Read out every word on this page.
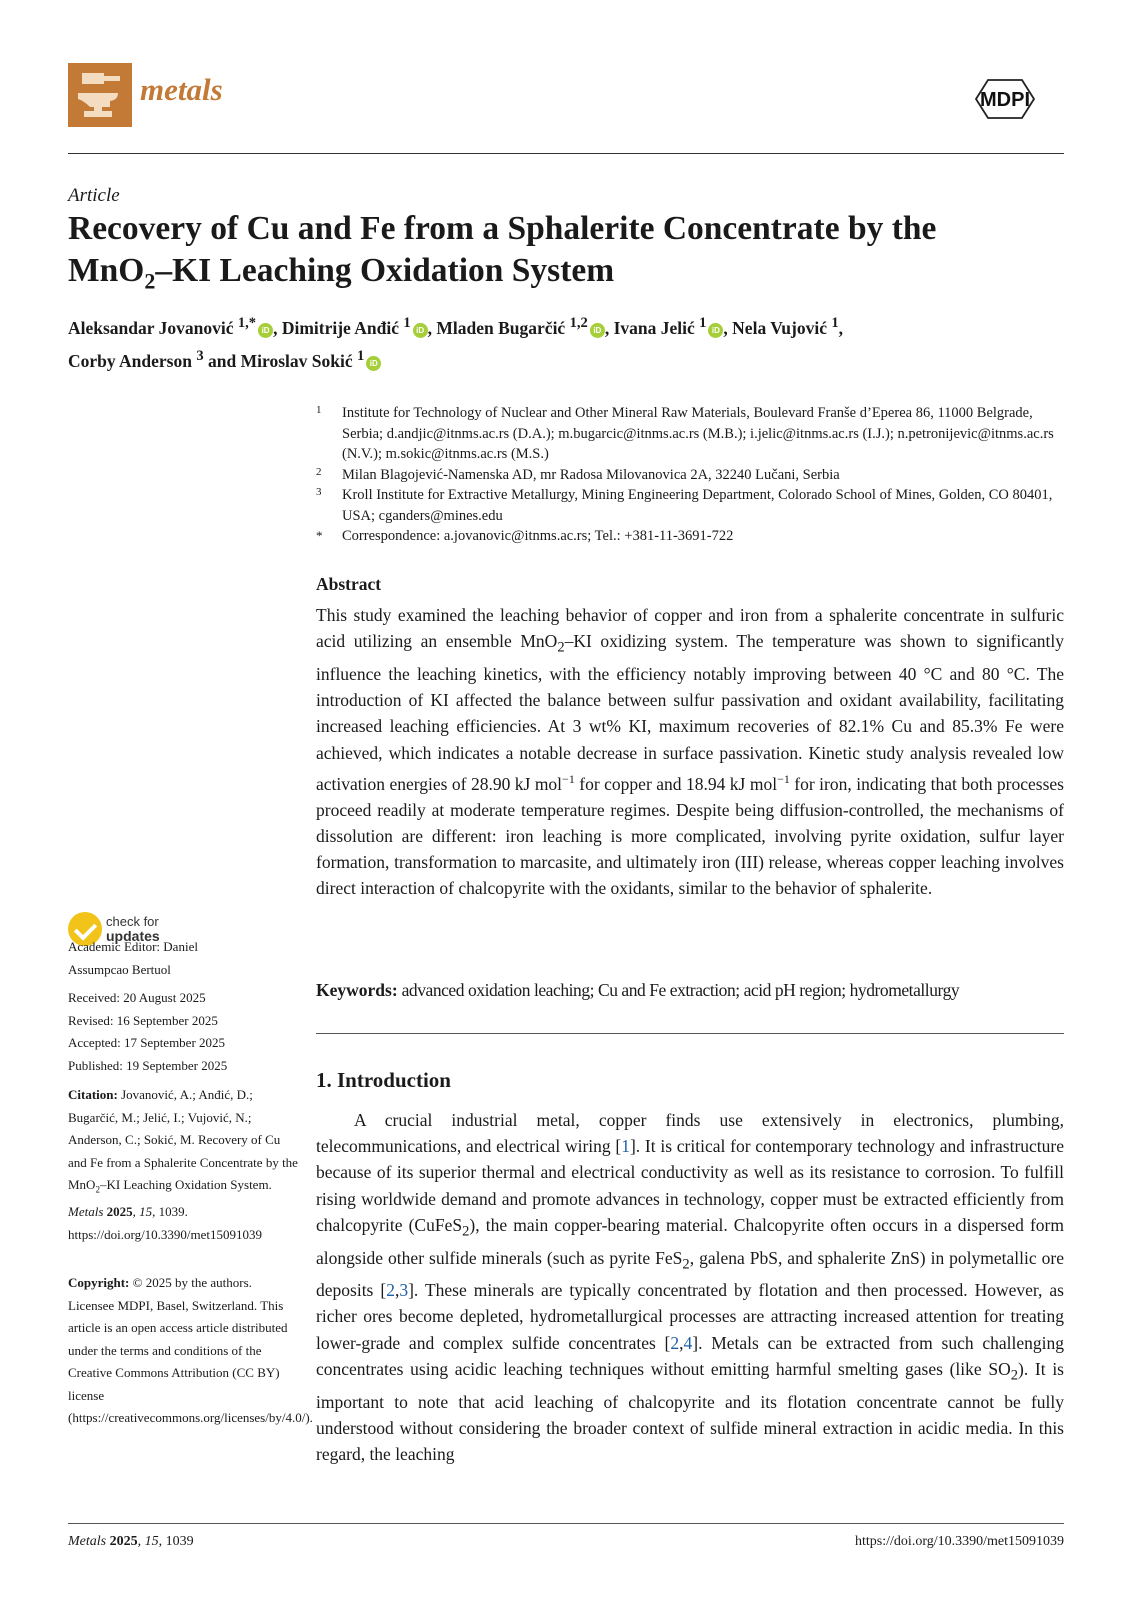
metals	MDPI
Article
Recovery of Cu and Fe from a Sphalerite Concentrate by the
MnO$_2$–KI Leaching Oxidation System
Aleksandar Jovanović $^{1,*}$ iD , Dimitrije Anđić $^1$ iD , Mladen Bugarčić $^{1,2}$ iD , Ivana Jelić $^1$ iD , Nela Vujović $^1$,
Corby Anderson $^3$ and Miroslav Sokić $^1$ iD
1 Institute for Technology of Nuclear and Other Mineral Raw Materials, Boulevard Franše d’Eperea 86, 11000 Belgrade, Serbia; d.andjic@itnms.ac.rs (D.A.); m.bugarcic@itnms.ac.rs (M.B.); i.jelic@itnms.ac.rs (I.J.); n.petronijevic@itnms.ac.rs (N.V.); m.sokic@itnms.ac.rs (M.S.)
2 Milan Blagojević-Namenska AD, mr Radosa Milovanovica 2A, 32240 Lučani, Serbia
3 Kroll Institute for Extractive Metallurgy, Mining Engineering Department, Colorado School of Mines, Golden, CO 80401, USA; cganders@mines.edu
* Correspondence: a.jovanovic@itnms.ac.rs; Tel.: +381-11-3691-722
Abstract

This study examined the leaching behavior of copper and iron from a sphalerite concentrate in sulfuric acid utilizing an ensemble MnO$_2$–KI oxidizing system. The temperature was shown to significantly influence the leaching kinetics, with the efficiency notably improving between 40 °C and 80 °C. The introduction of KI affected the balance between sulfur passivation and oxidant availability, facilitating increased leaching efficiencies. At 3 wt% KI, maximum recoveries of 82.1% Cu and 85.3% Fe were achieved, which indicates a notable decrease in surface passivation. Kinetic study analysis revealed low activation energies of 28.90 kJ mol$^{-1}$ for copper and 18.94 kJ mol$^{-1}$ for iron, indicating that both processes proceed readily at moderate temperature regimes. Despite being diffusion-controlled, the mechanisms of dissolution are different: iron leaching is more complicated, involving pyrite oxidation, sulfur layer formation, transformation to marcasite, and ultimately iron (III) release, whereas copper leaching involves direct interaction of chalcopyrite with the oxidants, similar to the behavior of sphalerite.

Keywords: advanced oxidation leaching; Cu and Fe extraction; acid pH region; hydrometallurgy
1. Introduction

A crucial industrial metal, copper finds use extensively in electronics, plumbing, telecommunications, and electrical wiring [1]. It is critical for contemporary technology and infrastructure because of its superior thermal and electrical conductivity as well as its resistance to corrosion. To fulfill rising worldwide demand and promote advances in technology, copper must be extracted efficiently from chalcopyrite (CuFeS$_2$), the main copper-bearing material. Chalcopyrite often occurs in a dispersed form alongside other sulfide minerals (such as pyrite FeS$_2$, galena PbS, and sphalerite ZnS) in polymetallic ore deposits [2,3]. These minerals are typically concentrated by flotation and then processed. However, as richer ores become depleted, hydrometallurgical processes are attracting increased attention for treating lower-grade and complex sulfide concentrates [2,4]. Metals can be extracted from such challenging concentrates using acidic leaching techniques without emitting harmful smelting gases (like $SO_2$). It is important to note that acid leaching of chalcopyrite and its flotation concentrate cannot be fully understood without considering the broader context of sulfide mineral extraction in acidic media. In this regard, the leaching

check for
updates
Academic Editor: Daniel
Assumpcao Bertuol
Received: 20 August 2025
Revised: 16 September 2025
Accepted: 17 September 2025
Published: 19 September 2025
Citation: Jovanović, A.; Anđić, D.; Bugarčić, M.; Jelić, I.; Vujović, N.; Anderson, C.; Sokić, M. Recovery of Cu and Fe from a Sphalerite Concentrate by the MnO$_2$–KI Leaching Oxidation System. Metals 2025, 15, 1039. https://doi.org/10.3390/met15091039
Copyright: © 2025 by the authors. Licensee MDPI, Basel, Switzerland. This article is an open access article distributed under the terms and conditions of the Creative Commons Attribution (CC BY) license (https://creativecommons.org/licenses/by/4.0/).
Metals 2025, 15, 1039	https://doi.org/10.3390/met15091039
